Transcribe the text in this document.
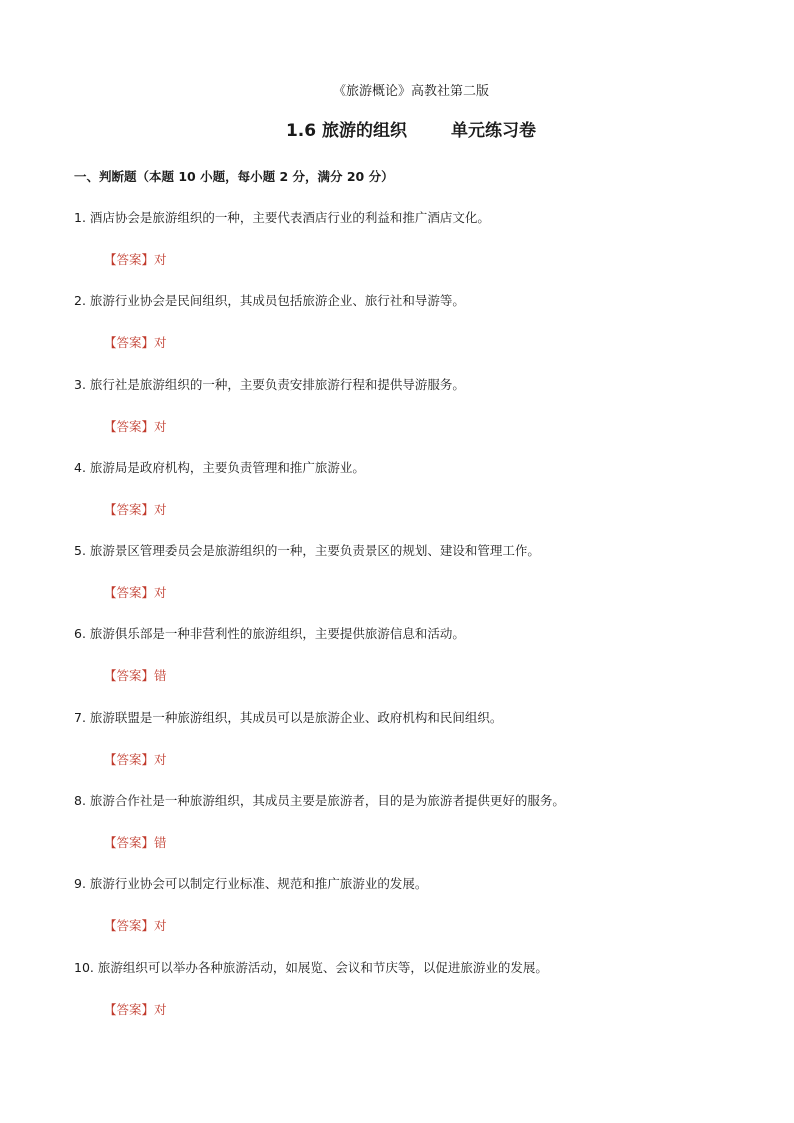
《旅游概论》高教社第二版
1.6 旅游的组织	单元练习卷
一、判断题（本题 10 小题，每小题 2 分，满分 20 分）
1. 酒店协会是旅游组织的一种，主要代表酒店行业的利益和推广酒店文化。
【答案】对
2. 旅游行业协会是民间组织，其成员包括旅游企业、旅行社和导游等。
【答案】对
3. 旅行社是旅游组织的一种，主要负责安排旅游行程和提供导游服务。
【答案】对
4. 旅游局是政府机构，主要负责管理和推广旅游业。
【答案】对
5. 旅游景区管理委员会是旅游组织的一种，主要负责景区的规划、建设和管理工作。
【答案】对
6. 旅游俱乐部是一种非营利性的旅游组织，主要提供旅游信息和活动。
【答案】错
7. 旅游联盟是一种旅游组织，其成员可以是旅游企业、政府机构和民间组织。
【答案】对
8. 旅游合作社是一种旅游组织，其成员主要是旅游者，目的是为旅游者提供更好的服务。
【答案】错
9. 旅游行业协会可以制定行业标准、规范和推广旅游业的发展。
【答案】对
10. 旅游组织可以举办各种旅游活动，如展览、会议和节庆等，以促进旅游业的发展。
【答案】对
